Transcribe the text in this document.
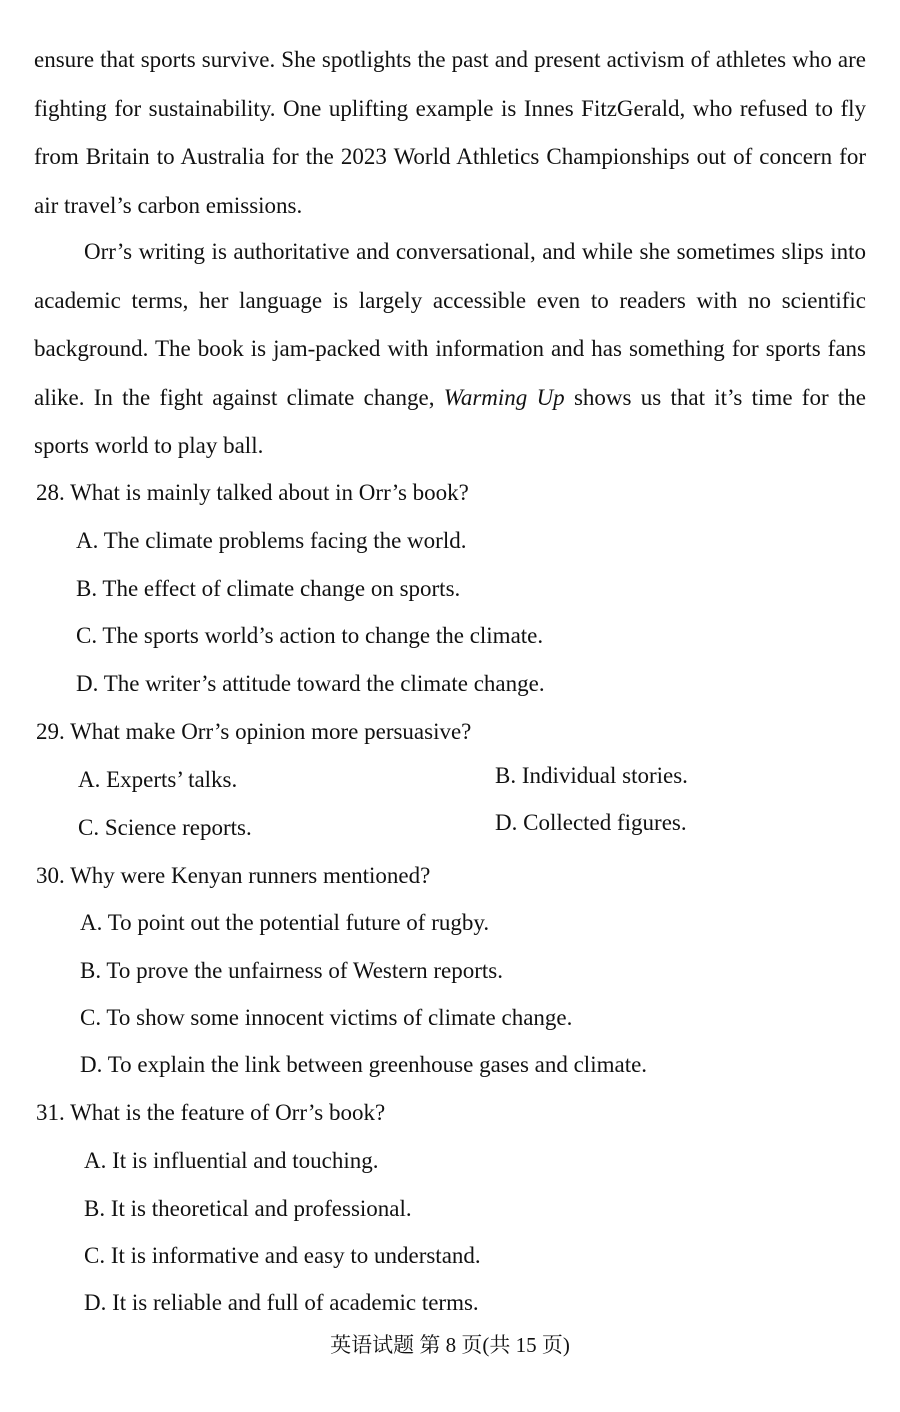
ensure that sports survive. She spotlights the past and present activism of athletes who are fighting for sustainability. One uplifting example is Innes FitzGerald, who refused to fly from Britain to Australia for the 2023 World Athletics Championships out of concern for air travel’s carbon emissions.
Orr’s writing is authoritative and conversational, and while she sometimes slips into academic terms, her language is largely accessible even to readers with no scientific background. The book is jam-packed with information and has something for sports fans alike. In the fight against climate change, Warming Up shows us that it’s time for the sports world to play ball.
28. What is mainly talked about in Orr’s book?
A. The climate problems facing the world.
B. The effect of climate change on sports.
C. The sports world’s action to change the climate.
D. The writer’s attitude toward the climate change.
29. What make Orr’s opinion more persuasive?
A. Experts’ talks.	B. Individual stories.
C. Science reports.	D. Collected figures.
30. Why were Kenyan runners mentioned?
A. To point out the potential future of rugby.
B. To prove the unfairness of Western reports.
C. To show some innocent victims of climate change.
D. To explain the link between greenhouse gases and climate.
31. What is the feature of Orr’s book?
A. It is influential and touching.
B. It is theoretical and professional.
C. It is informative and easy to understand.
D. It is reliable and full of academic terms.
英语试题 第 8 页(共 15 页)
